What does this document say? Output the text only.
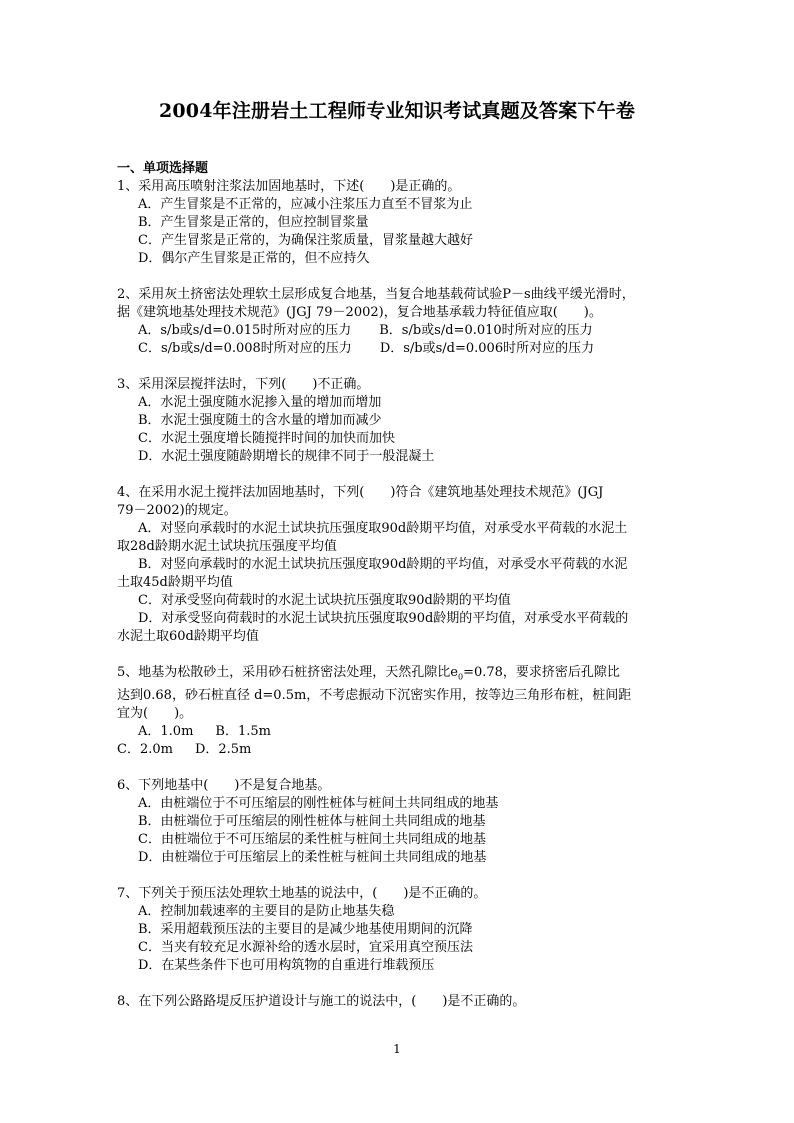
2004年注册岩土工程师专业知识考试真题及答案下午卷
一、单项选择题
1、采用高压喷射注浆法加固地基时，下述(　　)是正确的。
A．产生冒浆是不正常的，应减小注浆压力直至不冒浆为止
B．产生冒浆是正常的，但应控制冒浆量
C．产生冒浆是正常的，为确保注浆质量，冒浆量越大越好
D．偶尔产生冒浆是正常的，但不应持久
2、采用灰土挤密法处理软土层形成复合地基，当复合地基载荷试验P－s曲线平缓光滑时，
据《建筑地基处理技术规范》(JGJ 79－2002)，复合地基承载力特征值应取(　　)。
A．s/b或s/d=0.015时所对应的压力 B．s/b或s/d=0.010时所对应的压力
C．s/b或s/d=0.008时所对应的压力 D．s/b或s/d=0.006时所对应的压力
3、采用深层搅拌法时，下列(　　)不正确。
A．水泥土强度随水泥掺入量的增加而增加
B．水泥土强度随土的含水量的增加而减少
C．水泥土强度增长随搅拌时间的加快而加快
D．水泥土强度随龄期增长的规律不同于一般混凝土
4、在采用水泥土搅拌法加固地基时，下列(　　)符合《建筑地基处理技术规范》(JGJ
79－2002)的规定。
A．对竖向承载时的水泥土试块抗压强度取90d龄期平均值，对承受水平荷载的水泥土
取28d龄期水泥土试块抗压强度平均值
B．对竖向承载时的水泥土试块抗压强度取90d龄期的平均值，对承受水平荷载的水泥
土取45d龄期平均值
C．对承受竖向荷载时的水泥土试块抗压强度取90d龄期的平均值
D．对承受竖向荷载时的水泥土试块抗压强度取90d龄期的平均值，对承受水平荷载的
水泥土取60d龄期平均值
5、地基为松散砂土，采用砂石桩挤密法处理，天然孔隙比$e_0=0.78$，要求挤密后孔隙比
达到0.68，砂石桩直径 d=0.5m，不考虑振动下沉密实作用，按等边三角形布桩，桩间距
宜为(　　)。
A．1.0m B．1.5m
C．2.0m D．2.5m
6、下列地基中(　　)不是复合地基。
A．由桩端位于不可压缩层的刚性桩体与桩间土共同组成的地基
B．由桩端位于可压缩层的刚性桩体与桩间土共同组成的地基
C．由桩端位于不可压缩层的柔性桩与桩间土共同组成的地基
D．由桩端位于可压缩层上的柔性桩与桩间土共同组成的地基
7、下列关于预压法处理软土地基的说法中，(　　)是不正确的。
A．控制加载速率的主要目的是防止地基失稳
B．采用超载预压法的主要目的是减少地基使用期间的沉降
C．当夹有较充足水源补给的透水层时，宜采用真空预压法
D．在某些条件下也可用构筑物的自重进行堆载预压
8、在下列公路路堤反压护道设计与施工的说法中，(　　)是不正确的。
1
